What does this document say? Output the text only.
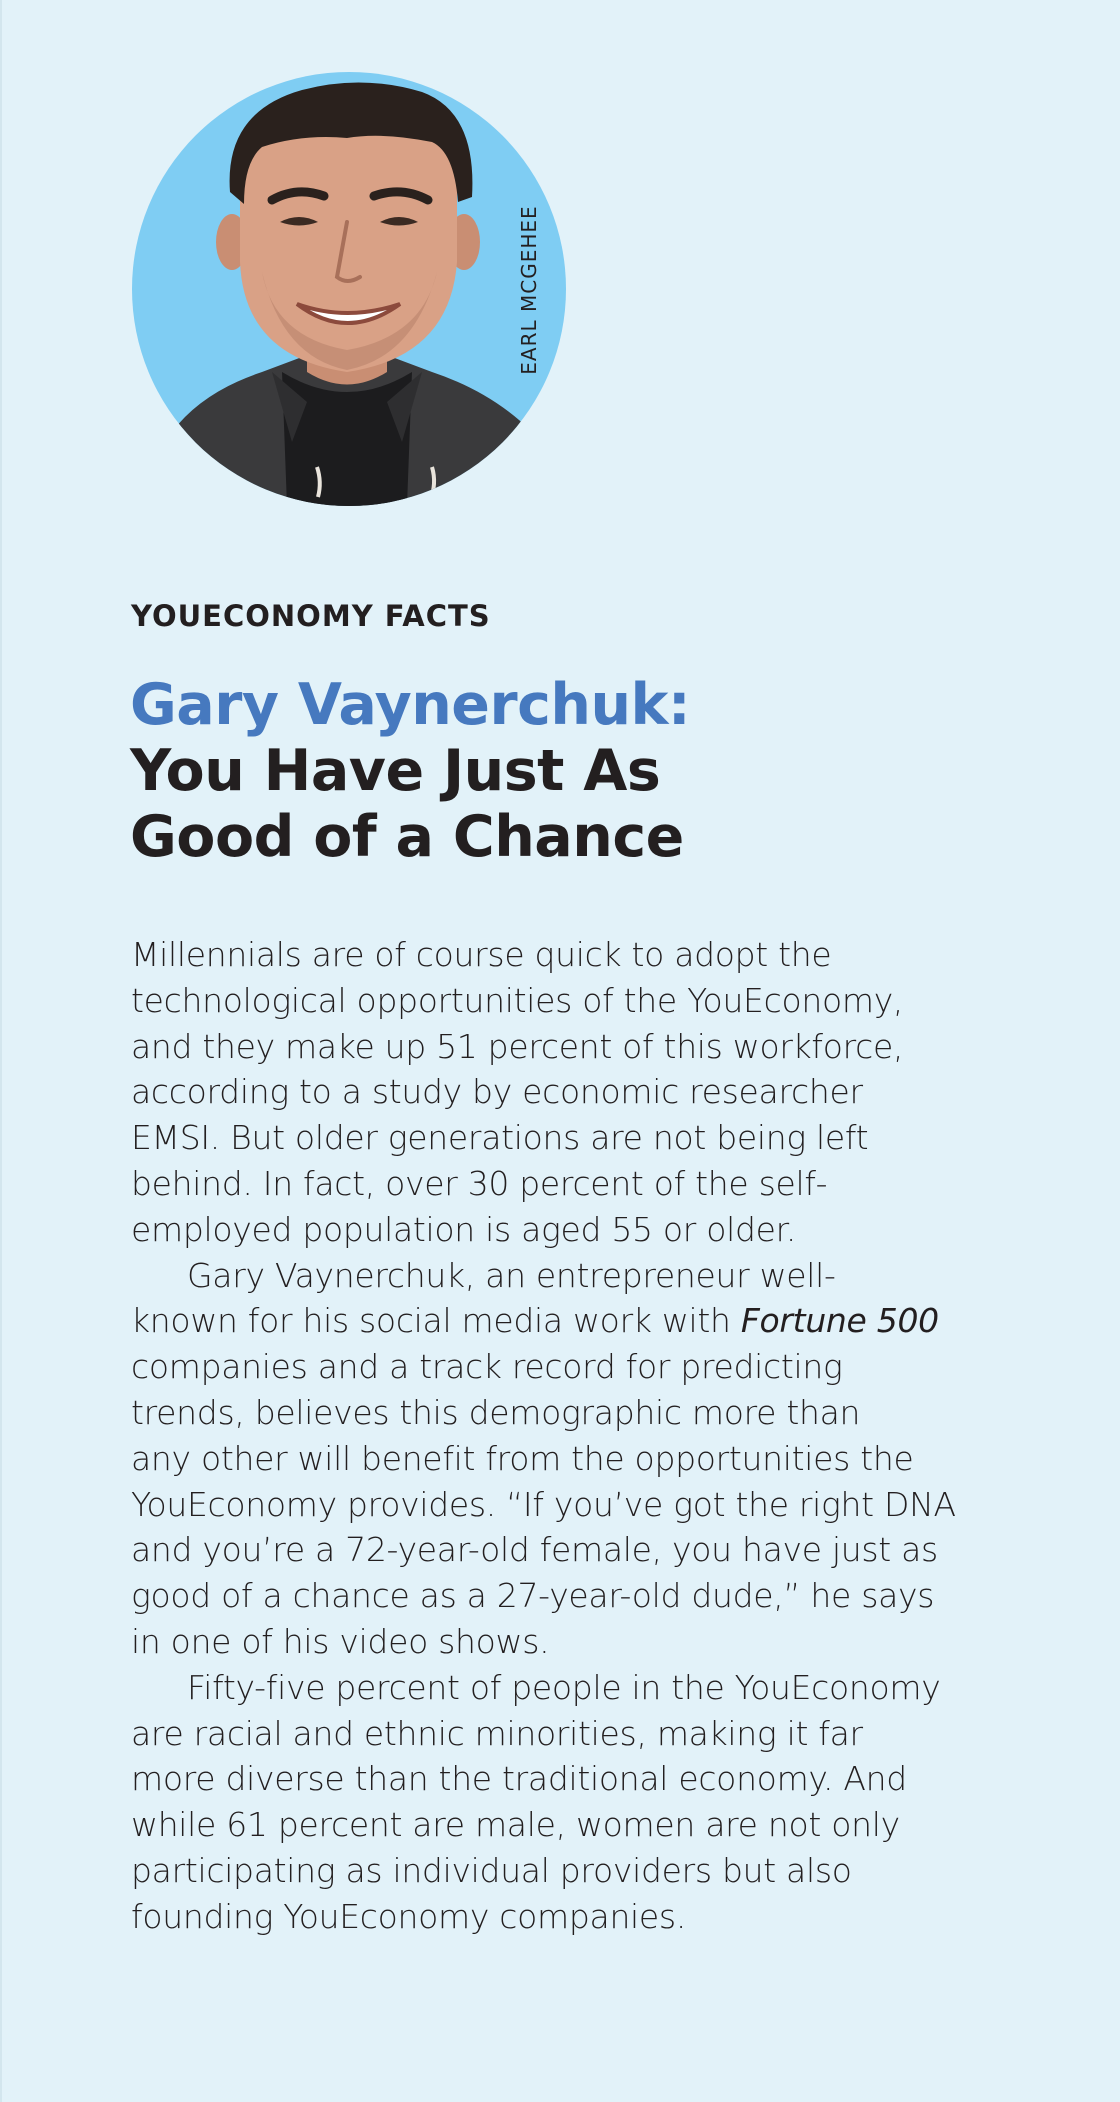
EARL MCGEHEE

YOUECONOMY FACTS

Gary Vaynerchuk:
You Have Just As
Good of a Chance
Millennials are of course quick to adopt the
technological opportunities of the YouEconomy,
and they make up 51 percent of this workforce,
according to a study by economic researcher
EMSI. But older generations are not being left
behind. In fact, over 30 percent of the self-
employed population is aged 55 or older.
Gary Vaynerchuk, an entrepreneur well-
known for his social media work with Fortune 500
companies and a track record for predicting
trends, believes this demographic more than
any other will benefit from the opportunities the
YouEconomy provides. “If you’ve got the right DNA
and you’re a 72-year-old female, you have just as
good of a chance as a 27-year-old dude,” he says
in one of his video shows.
Fifty-five percent of people in the YouEconomy
are racial and ethnic minorities, making it far
more diverse than the traditional economy. And
while 61 percent are male, women are not only
participating as individual providers but also
founding YouEconomy companies.
